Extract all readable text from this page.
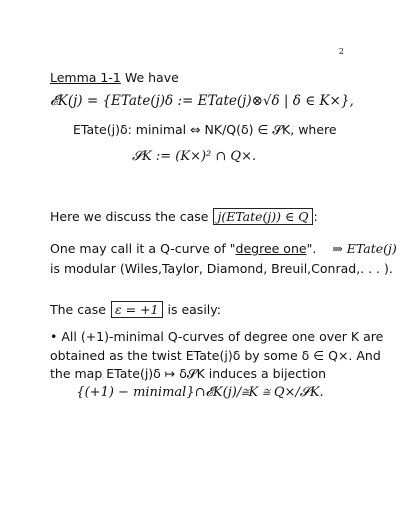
2
Lemma 1-1 We have
𝓔K(j) = {ETate(j)δ := ETate(j)⊗√δ | δ ∈ K×},
ETate(j)δ: minimal ⇔ NK/Q(δ) ∈ 𝓢K, where
𝓢K := (K×)² ∩ Q×.
Here we discuss the case j(ETate(j)) ∈ Q :
One may call it a Q-curve of "degree one". ⇒ ETate(j)
is modular (Wiles,Taylor, Diamond, Breuil,Conrad,. . . ).
The case ε = +1 is easily:
• All (+1)-minimal Q-curves of degree one over K are
obtained as the twist ETate(j)δ by some δ ∈ Q×. And
the map ETate(j)δ ↦ δ𝓢K induces a bijection
{(+1) − minimal}∩𝓔K(j)/≅K ≅ Q×/𝓢K.
